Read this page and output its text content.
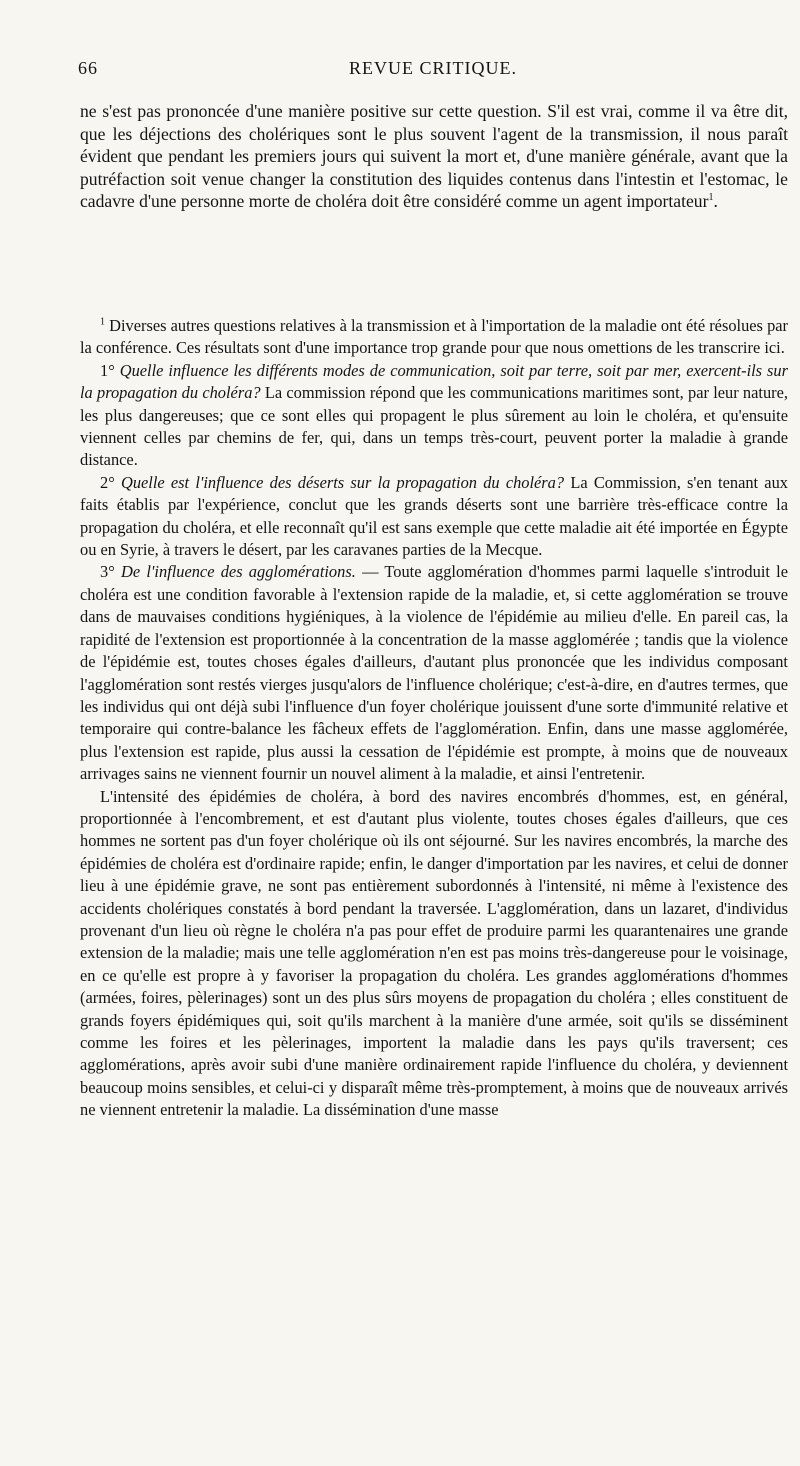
66	REVUE CRITIQUE.

ne s'est pas prononcée d'une manière positive sur cette question. S'il est vrai, comme il va être dit, que les déjections des cholériques sont le plus souvent l'agent de la transmission, il nous paraît évident que pendant les premiers jours qui suivent la mort et, d'une manière générale, avant que la putréfaction soit venue changer la constitution des liquides contenus dans l'intestin et l'estomac, le cadavre d'une personne morte de choléra doit être considéré comme un agent importateur$^1$.

$^1$ Diverses autres questions relatives à la transmission et à l'importation de la maladie ont été résolues par la conférence. Ces résultats sont d'une importance trop grande pour que nous omettions de les transcrire ici.

1° Quelle influence les différents modes de communication, soit par terre, soit par mer, exercent-ils sur la propagation du choléra? La commission répond que les communications maritimes sont, par leur nature, les plus dangereuses; que ce sont elles qui propagent le plus sûrement au loin le choléra, et qu'ensuite viennent celles par chemins de fer, qui, dans un temps très-court, peuvent porter la maladie à grande distance.

2° Quelle est l'influence des déserts sur la propagation du choléra? La Commission, s'en tenant aux faits établis par l'expérience, conclut que les grands déserts sont une barrière très-efficace contre la propagation du choléra, et elle reconnaît qu'il est sans exemple que cette maladie ait été importée en Égypte ou en Syrie, à travers le désert, par les caravanes parties de la Mecque.

3° De l'influence des agglomérations. — Toute agglomération d'hommes parmi laquelle s'introduit le choléra est une condition favorable à l'extension rapide de la maladie, et, si cette agglomération se trouve dans de mauvaises conditions hygiéniques, à la violence de l'épidémie au milieu d'elle. En pareil cas, la rapidité de l'extension est proportionnée à la concentration de la masse agglomérée ; tandis que la violence de l'épidémie est, toutes choses égales d'ailleurs, d'autant plus prononcée que les individus composant l'agglomération sont restés vierges jusqu'alors de l'influence cholérique; c'est-à-dire, en d'autres termes, que les individus qui ont déjà subi l'influence d'un foyer cholérique jouissent d'une sorte d'immunité relative et temporaire qui contre-balance les fâcheux effets de l'agglomération. Enfin, dans une masse agglomérée, plus l'extension est rapide, plus aussi la cessation de l'épidémie est prompte, à moins que de nouveaux arrivages sains ne viennent fournir un nouvel aliment à la maladie, et ainsi l'entretenir.

L'intensité des épidémies de choléra, à bord des navires encombrés d'hommes, est, en général, proportionnée à l'encombrement, et est d'autant plus violente, toutes choses égales d'ailleurs, que ces hommes ne sortent pas d'un foyer cholérique où ils ont séjourné. Sur les navires encombrés, la marche des épidémies de choléra est d'ordinaire rapide; enfin, le danger d'importation par les navires, et celui de donner lieu à une épidémie grave, ne sont pas entièrement subordonnés à l'intensité, ni même à l'existence des accidents cholériques constatés à bord pendant la traversée. L'agglomération, dans un lazaret, d'individus provenant d'un lieu où règne le choléra n'a pas pour effet de produire parmi les quarantenaires une grande extension de la maladie; mais une telle agglomération n'en est pas moins très-dangereuse pour le voisinage, en ce qu'elle est propre à y favoriser la propagation du choléra. Les grandes agglomérations d'hommes (armées, foires, pèlerinages) sont un des plus sûrs moyens de propagation du choléra ; elles constituent de grands foyers épidémiques qui, soit qu'ils marchent à la manière d'une armée, soit qu'ils se disséminent comme les foires et les pèlerinages, importent la maladie dans les pays qu'ils traversent; ces agglomérations, après avoir subi d'une manière ordinairement rapide l'influence du choléra, y deviennent beaucoup moins sensibles, et celui-ci y disparaît même très-promptement, à moins que de nouveaux arrivés ne viennent entretenir la maladie. La dissémination d'une masse
